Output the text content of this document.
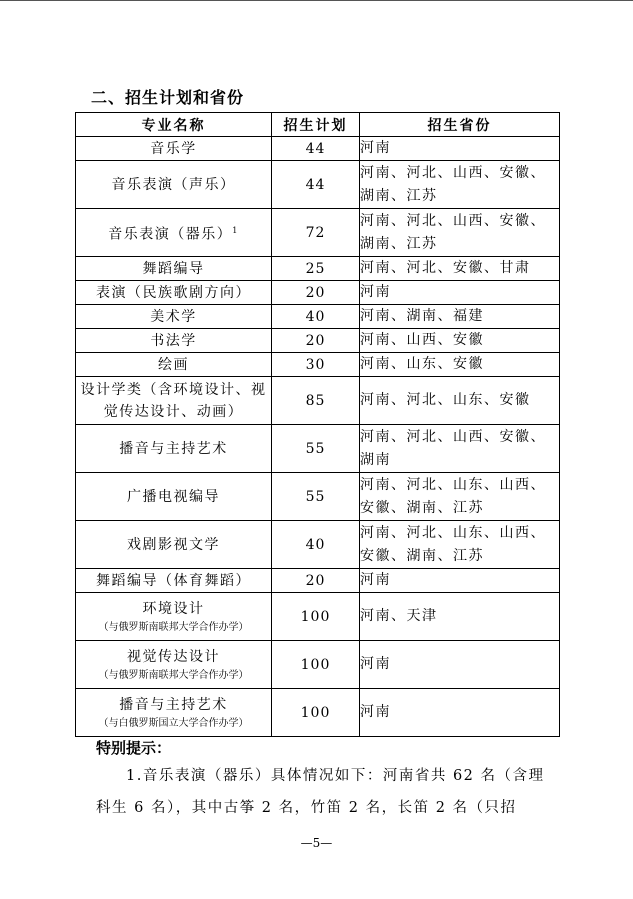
二、招生计划和省份
专业名称	招生计划	招生省份
音乐学	44	河南
音乐表演（声乐）	44	河南、河北、山西、安徽、湖南、江苏
音乐表演（器乐）$^1$	72	河南、河北、山西、安徽、湖南、江苏
舞蹈编导	25	河南、河北、安徽、甘肃
表演（民族歌剧方向）	20	河南
美术学	40	河南、湖南、福建
书法学	20	河南、山西、安徽
绘画	30	河南、山东、安徽
设计学类（含环境设计、视觉传达设计、动画）	85	河南、河北、山东、安徽
播音与主持艺术	55	河南、河北、山西、安徽、湖南
广播电视编导	55	河南、河北、山东、山西、安徽、湖南、江苏
戏剧影视文学	40	河南、河北、山东、山西、安徽、湖南、江苏
舞蹈编导（体育舞蹈）	20	河南
环境设计
（与俄罗斯南联邦大学合作办学）	100	河南、天津
视觉传达设计
（与俄罗斯南联邦大学合作办学）	100	河南
播音与主持艺术
（与白俄罗斯国立大学合作办学）	100	河南
特别提示：
1.音乐表演（器乐）具体情况如下：河南省共 62 名（含理科生 6 名），其中古筝 2 名，竹笛 2 名，长笛 2 名（只招
—5—
